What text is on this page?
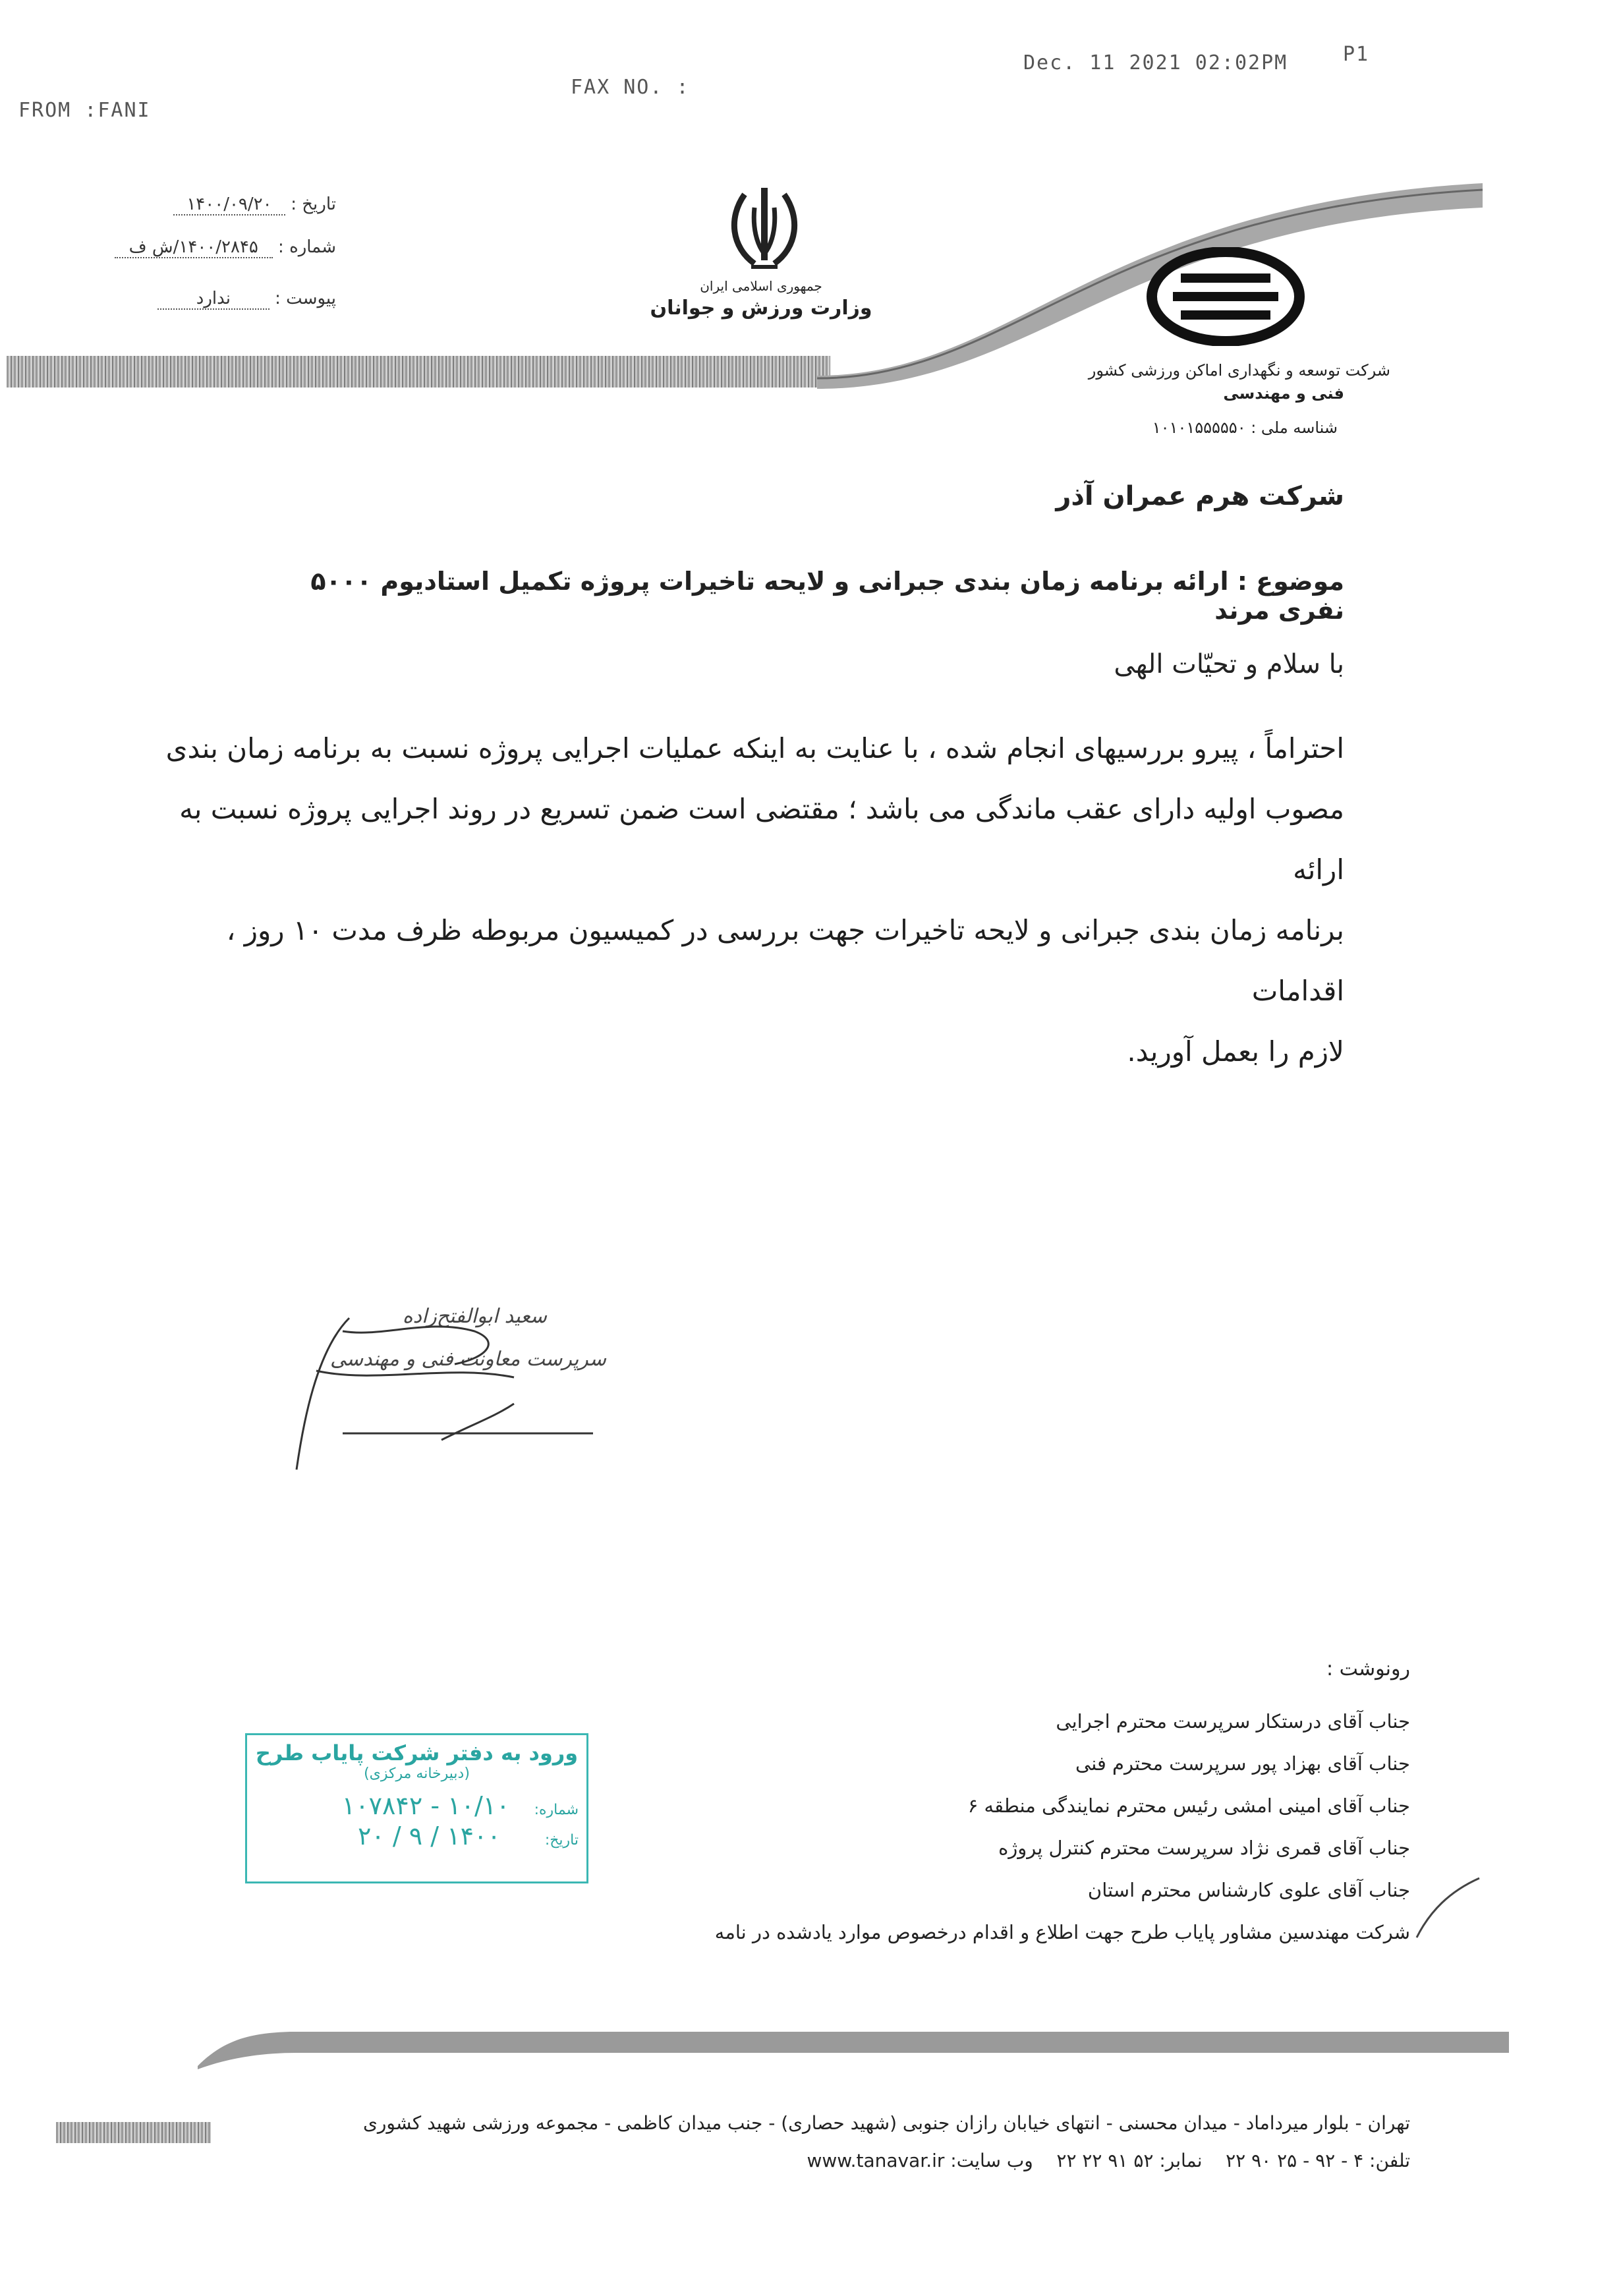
FROM :FANI
FAX NO. :
Dec. 11 2021 02:02PM	P1
تاریخ : ۱۴۰۰/۰۹/۲۰
شماره : ۱۴۰۰/۲۸۴۵/ش ف
پیوست : ندارد
جمهوری اسلامی ایران
وزارت ورزش و جوانان
شرکت توسعه و نگهداری اماکن ورزشی کشور
فنی و مهندسی
شناسه ملی : ۱۰۱۰۱۵۵۵۵۵۰
شرکت هرم عمران آذر
موضوع : ارائه برنامه زمان بندی جبرانی و لایحه تاخیرات پروژه تکمیل استادیوم ۵۰۰۰ نفری مرند
با سلام و تحیّات الهی
احتراماً ، پیرو بررسیهای انجام شده ، با عنایت به اینکه عملیات اجرایی پروژه نسبت به برنامه زمان بندی
مصوب اولیه دارای عقب ماندگی می باشد ؛ مقتضی است ضمن تسریع در روند اجرایی پروژه نسبت به ارائه
برنامه زمان بندی جبرانی و لایحه تاخیرات جهت بررسی در کمیسیون مربوطه ظرف مدت ۱۰ روز ، اقدامات
لازم را بعمل آورید.
سعید ابوالفتح‌زاده
سرپرست معاونت فنی و مهندسی
رونوشت :
جناب آقای درستکار سرپرست محترم اجرایی
جناب آقای بهزاد پور سرپرست محترم فنی
جناب آقای امینی امشی رئیس محترم نمایندگی منطقه ۶
جناب آقای قمری نژاد سرپرست محترم کنترل پروژه
جناب آقای علوی کارشناس محترم استان
شرکت مهندسین مشاور پایاب طرح جهت اطلاع و اقدام درخصوص موارد یادشده در نامه
ورود به دفتر شرکت پایاب طرح
(دبیرخانه مرکزی)
شماره: ۱۰/۱۰ - ۱۰۷۸۴۲
تاریخ: ۱۴۰۰ / ۹ / ۲۰
تهران - بلوار میرداماد - میدان محسنی - انتهای خیابان رازان جنوبی (شهید حصاری) - جنب میدان کاظمی - مجموعه ورزشی شهید کشوری
تلفن: ۴ - ۹۲ - ۲۵ ۹۰ ۲۲    نمابر: ۵۲ ۹۱ ۲۲ ۲۲    وب سایت: www.tanavar.ir
